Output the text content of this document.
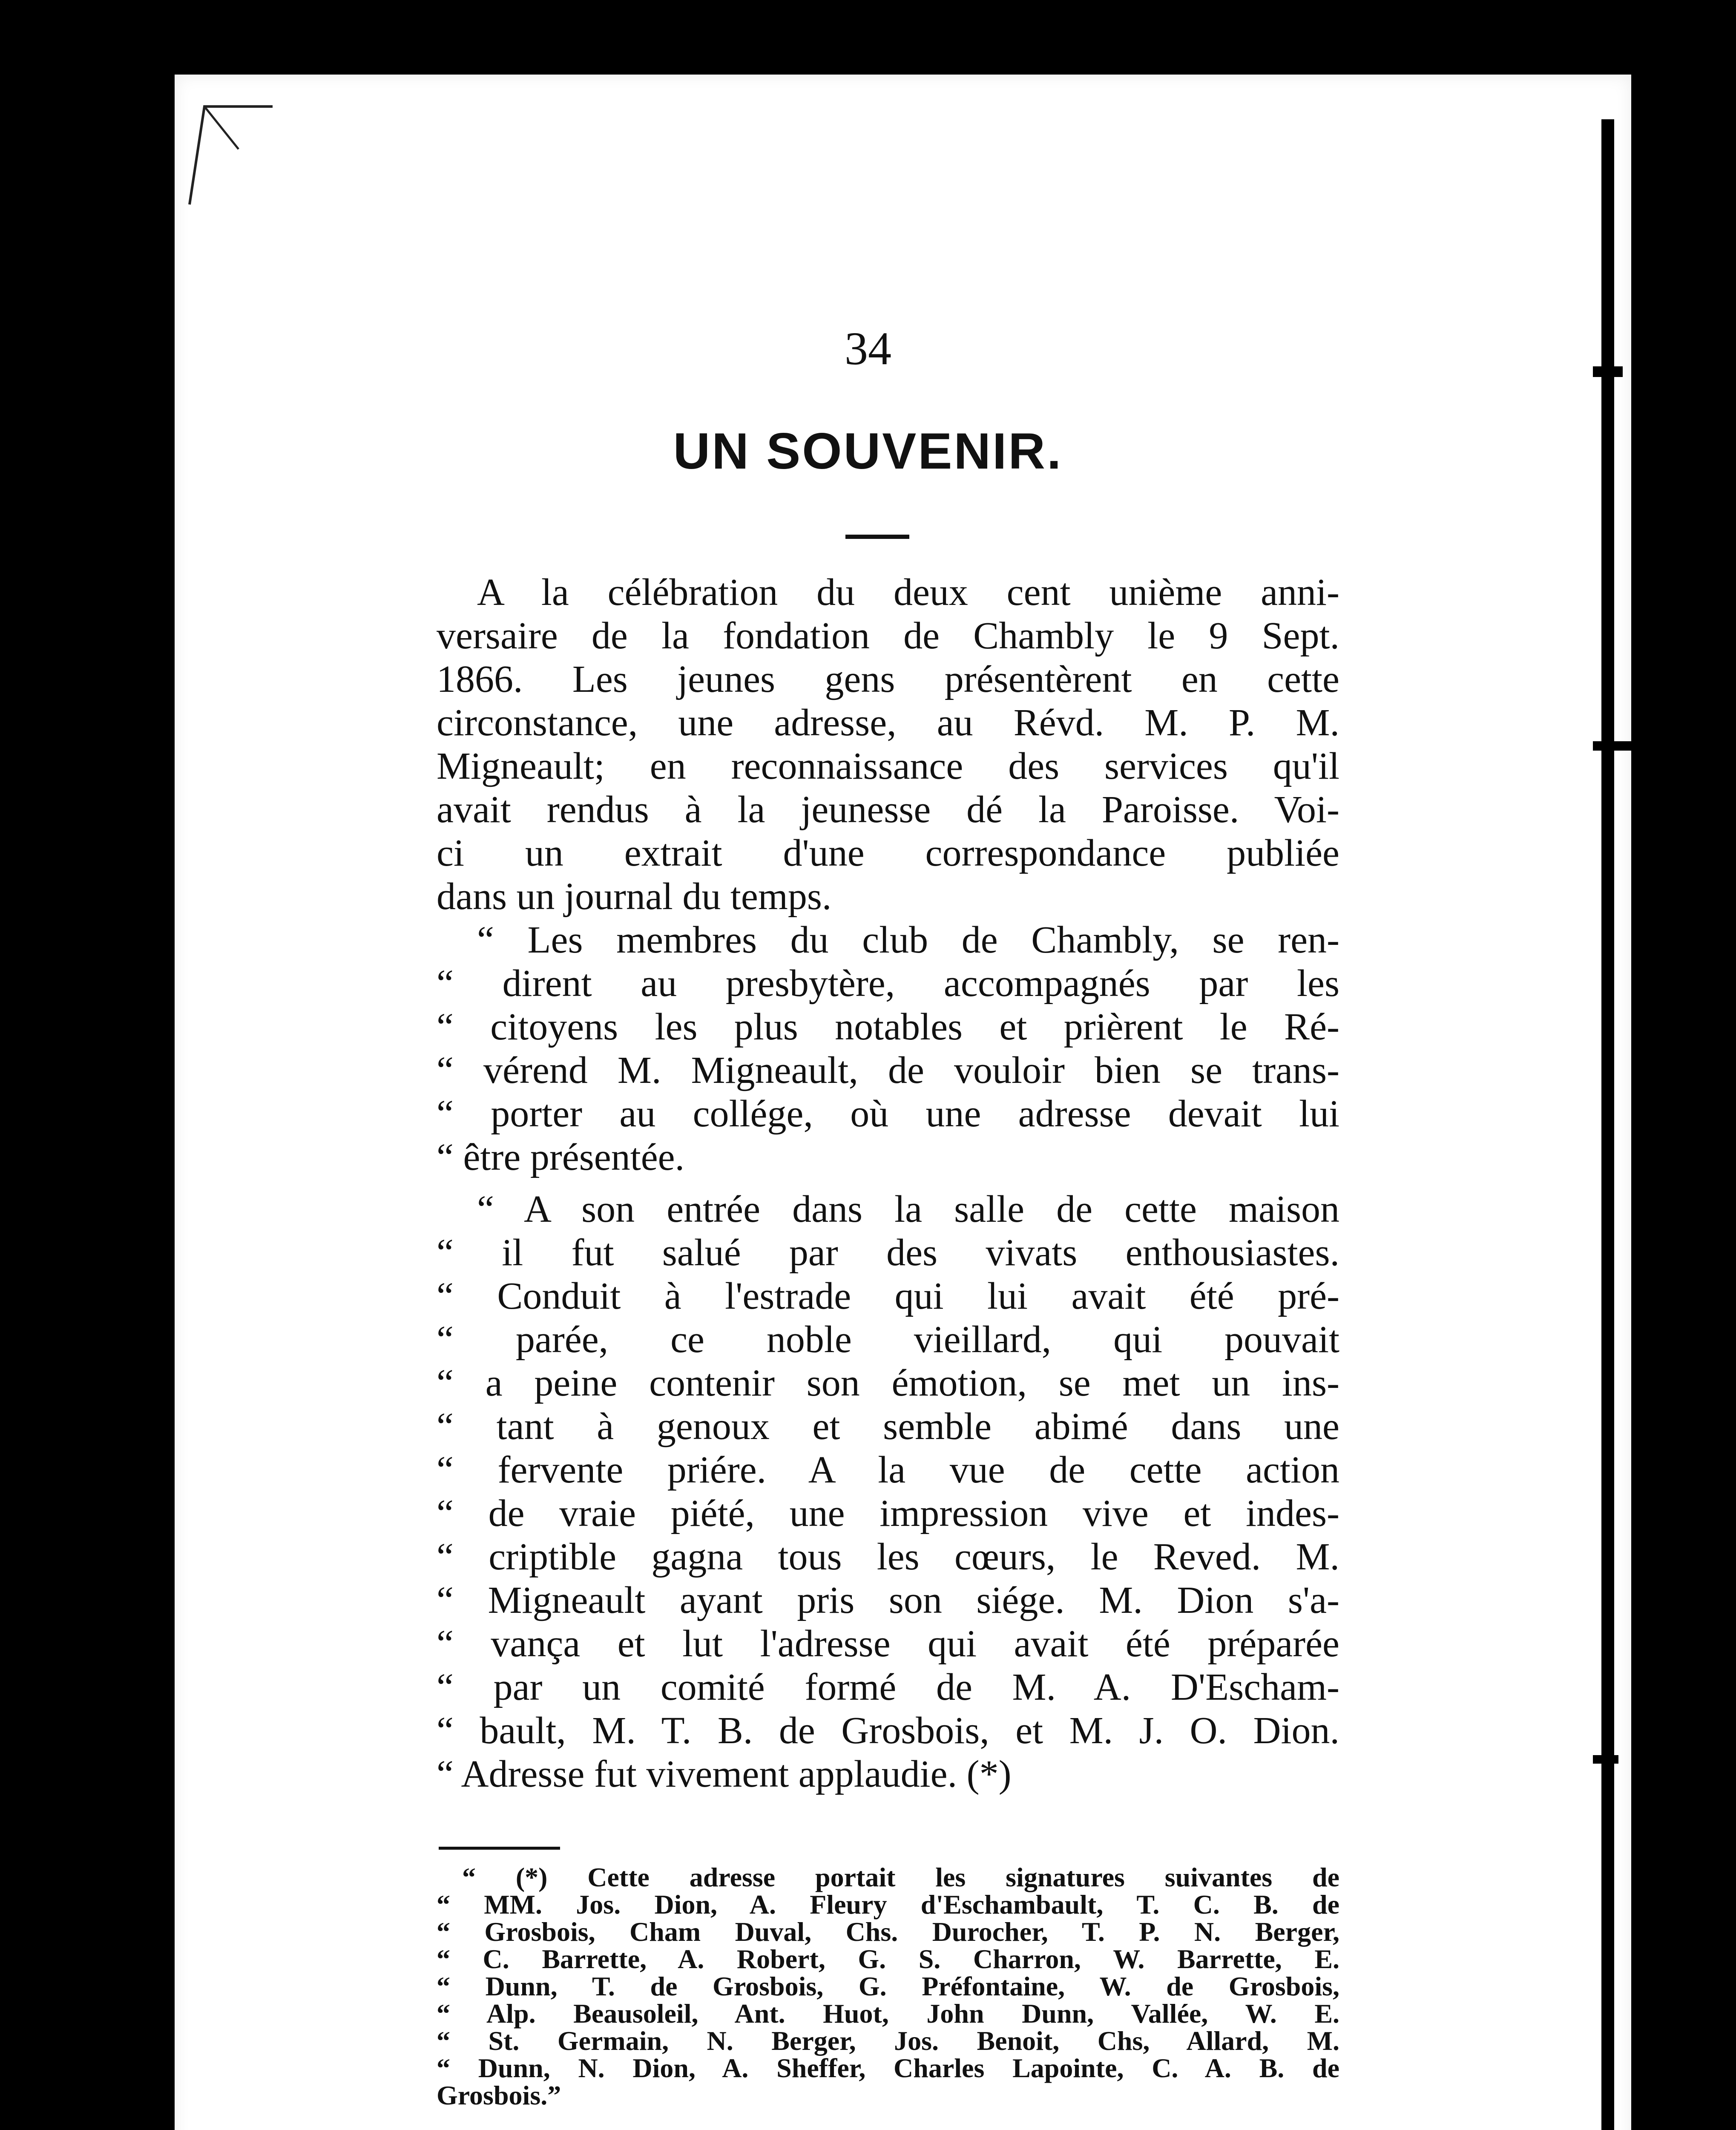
34
UN SOUVENIR.
A la célébration du deux cent unième anni-
versaire de la fondation de Chambly le 9 Sept.
1866. Les jeunes gens présentèrent en cette
circonstance, une adresse, au Révd. M. P. M.
Migneault; en reconnaissance des services qu'il
avait rendus à la jeunesse dé la Paroisse. Voi-
ci un extrait d'une correspondance publiée
dans un journal du temps.
“ Les membres du club de Chambly, se ren-
“ dirent au presbytère, accompagnés par les
“ citoyens les plus notables et prièrent le Ré-
“ vérend M. Migneault, de vouloir bien se trans-
“ porter au collége, où une adresse devait lui
“ être présentée.
“ A son entrée dans la salle de cette maison
“ il fut salué par des vivats enthousiastes.
“ Conduit à l'estrade qui lui avait été pré-
“ parée, ce noble vieillard, qui pouvait
“ a peine contenir son émotion, se met un ins-
“ tant à genoux et semble abimé dans une
“ fervente priére. A la vue de cette action
“ de vraie piété, une impression vive et indes-
“ criptible gagna tous les cœurs, le Reved. M.
“ Migneault ayant pris son siége. M. Dion s'a-
“ vança et lut l'adresse qui avait été préparée
“ par un comité formé de M. A. D'Escham-
“ bault, M. T. B. de Grosbois, et M. J. O. Dion.
“ Adresse fut vivement applaudie. (*)
“ (*) Cette adresse portait les signatures suivantes de
“ MM. Jos. Dion, A. Fleury d'Eschambault, T. C. B. de
“ Grosbois, Cham Duval, Chs. Durocher, T. P. N. Berger,
“ C. Barrette, A. Robert, G. S. Charron, W. Barrette, E.
“ Dunn, T. de Grosbois, G. Préfontaine, W. de Grosbois,
“ Alp. Beausoleil, Ant. Huot, John Dunn, Vallée, W. E.
“ St. Germain, N. Berger, Jos. Benoit, Chs, Allard, M.
“ Dunn, N. Dion, A. Sheffer, Charles Lapointe, C. A. B. de
Grosbois.”
